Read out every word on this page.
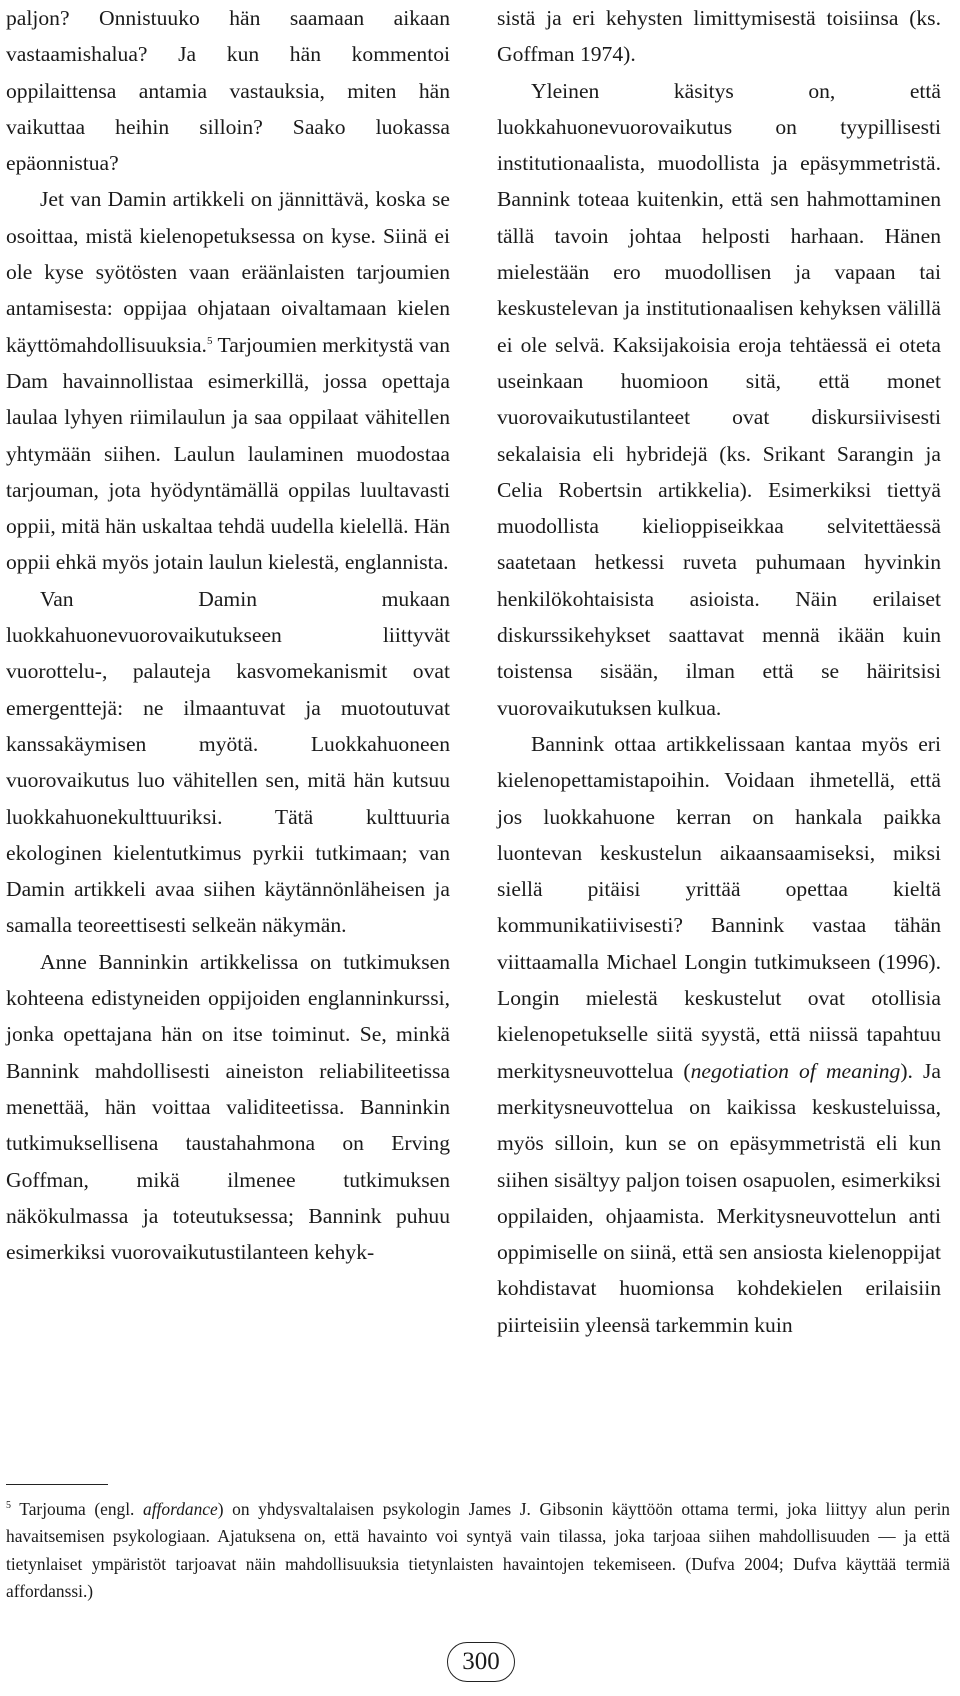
paljon? Onnistuuko hän saamaan aikaan vastaamishalua? Ja kun hän kommentoi oppilaittensa antamia vastauksia, miten hän vaikuttaa heihin silloin? Saako luokassa epäonnistua?

Jet van Damin artikkeli on jännittävä, koska se osoittaa, mistä kielenopetuksessa on kyse. Siinä ei ole kyse syötösten vaan eräänlaisten tarjoumien antamisesta: oppijaa ohjataan oivaltamaan kielen käyttömahdollisuuksia.$^5$ Tarjoumien merkitystä van Dam havainnollistaa esimerkillä, jossa opettaja laulaa lyhyen riimilaulun ja saa oppilaat vähitellen yhtymään siihen. Laulun laulaminen muodostaa tarjouman, jota hyödyntämällä oppilas luultavasti oppii, mitä hän uskaltaa tehdä uudella kielellä. Hän oppii ehkä myös jotain laulun kielestä, englannista.

Van Damin mukaan luokkahuonevuorovaikutukseen liittyvät vuorottelu-, palauteja kasvomekanismit ovat emergenttejä: ne ilmaantuvat ja muotoutuvat kanssakäymisen myötä. Luokkahuoneen vuorovaikutus luo vähitellen sen, mitä hän kutsuu luokkahuonekulttuuriksi. Tätä kulttuuria ekologinen kielentutkimus pyrkii tutkimaan; van Damin artikkeli avaa siihen käytännönläheisen ja samalla teoreettisesti selkeän näkymän.

Anne Banninkin artikkelissa on tutkimuksen kohteena edistyneiden oppijoiden englanninkurssi, jonka opettajana hän on itse toiminut. Se, minkä Bannink mahdollisesti aineiston reliabiliteetissa menettää, hän voittaa validiteetissa. Banninkin tutkimuksellisena taustahahmona on Erving Goffman, mikä ilmenee tutkimuksen näkökulmassa ja toteutuksessa; Bannink puhuu esimerkiksi vuorovaikutustilanteen kehyk-

sistä ja eri kehysten limittymisestä toisiinsa (ks. Goffman 1974).

Yleinen käsitys on, että luokkahuonevuorovaikutus on tyypillisesti institutionaalista, muodollista ja epäsymmetristä. Bannink toteaa kuitenkin, että sen hahmottaminen tällä tavoin johtaa helposti harhaan. Hänen mielestään ero muodollisen ja vapaan tai keskustelevan ja institutionaalisen kehyksen välillä ei ole selvä. Kaksijakoisia eroja tehtäessä ei oteta useinkaan huomioon sitä, että monet vuorovaikutustilanteet ovat diskursiivisesti sekalaisia eli hybridejä (ks. Srikant Sarangin ja Celia Robertsin artikkelia). Esimerkiksi tiettyä muodollista kielioppiseikkaa selvitettäessä saatetaan hetkessi ruveta puhumaan hyvinkin henkilökohtaisista asioista. Näin erilaiset diskurssikehykset saattavat mennä ikään kuin toistensa sisään, ilman että se häiritsisi vuorovaikutuksen kulkua.

Bannink ottaa artikkelissaan kantaa myös eri kielenopettamistapoihin. Voidaan ihmetellä, että jos luokkahuone kerran on hankala paikka luontevan keskustelun aikaansaamiseksi, miksi siellä pitäisi yrittää opettaa kieltä kommunikatiivisesti? Bannink vastaa tähän viittaamalla Michael Longin tutkimukseen (1996). Longin mielestä keskustelut ovat otollisia kielenopetukselle siitä syystä, että niissä tapahtuu merkitysneuvottelua (negotiation of meaning). Ja merkitysneuvottelua on kaikissa keskusteluissa, myös silloin, kun se on epäsymmetristä eli kun siihen sisältyy paljon toisen osapuolen, esimerkiksi oppilaiden, ohjaamista. Merkitysneuvottelun anti oppimiselle on siinä, että sen ansiosta kielenoppijat kohdistavat huomionsa kohdekielen erilaisiin piirteisiin yleensä tarkemmin kuin

$^5$ Tarjouma (engl. affordance) on yhdysvaltalaisen psykologin James J. Gibsonin käyttöön ottama termi, joka liittyy alun perin havaitsemisen psykologiaan. Ajatuksena on, että havainto voi syntyä vain tilassa, joka tarjoaa siihen mahdollisuuden — ja että tietynlaiset ympäristöt tarjoavat näin mahdollisuuksia tietynlaisten havaintojen tekemiseen. (Dufva 2004; Dufva käyttää termiä affordanssi.)

300
